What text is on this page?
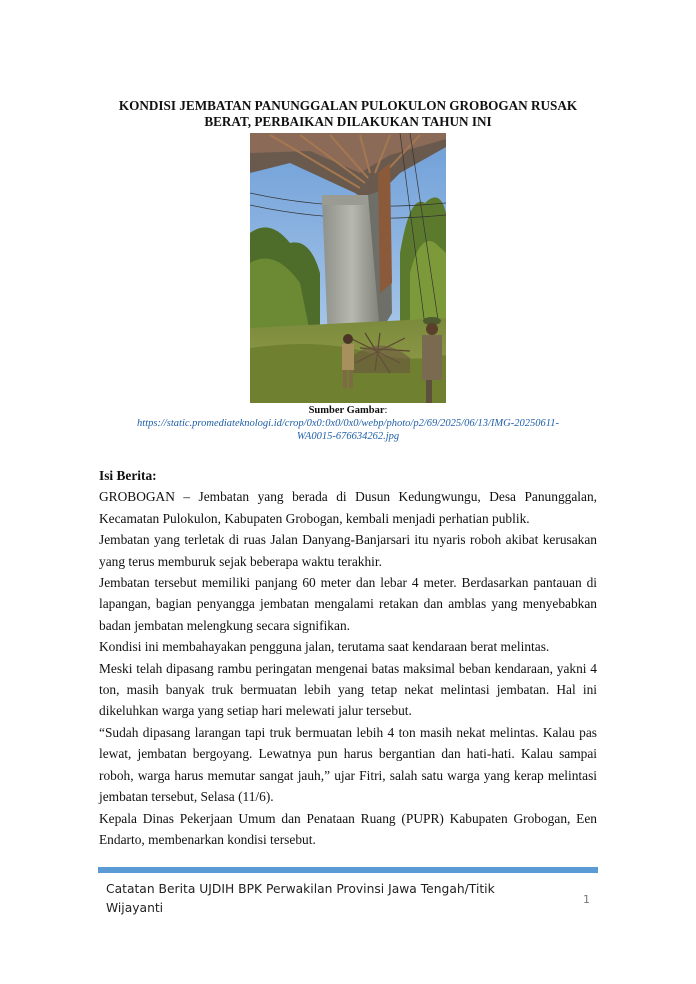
KONDISI JEMBATAN PANUNGGALAN PULOKULON GROBOGAN RUSAK
BERAT, PERBAIKAN DILAKUKAN TAHUN INI
Sumber Gambar:
https://static.promediateknologi.id/crop/0x0:0x0/0x0/webp/photo/p2/69/2025/06/13/IMG-20250611-
WA0015-676634262.jpg

Isi Berita:

GROBOGAN – Jembatan yang berada di Dusun Kedungwungu, Desa Panunggalan, Kecamatan Pulokulon, Kabupaten Grobogan, kembali menjadi perhatian publik.

Jembatan yang terletak di ruas Jalan Danyang-Banjarsari itu nyaris roboh akibat kerusakan yang terus memburuk sejak beberapa waktu terakhir.

Jembatan tersebut memiliki panjang 60 meter dan lebar 4 meter. Berdasarkan pantauan di lapangan, bagian penyangga jembatan mengalami retakan dan amblas yang menyebabkan badan jembatan melengkung secara signifikan.

Kondisi ini membahayakan pengguna jalan, terutama saat kendaraan berat melintas.

Meski telah dipasang rambu peringatan mengenai batas maksimal beban kendaraan, yakni 4 ton, masih banyak truk bermuatan lebih yang tetap nekat melintasi jembatan. Hal ini dikeluhkan warga yang setiap hari melewati jalur tersebut.

“Sudah dipasang larangan tapi truk bermuatan lebih 4 ton masih nekat melintas. Kalau pas lewat, jembatan bergoyang. Lewatnya pun harus bergantian dan hati-hati. Kalau sampai roboh, warga harus memutar sangat jauh,” ujar Fitri, salah satu warga yang kerap melintasi jembatan tersebut, Selasa (11/6).

Kepala Dinas Pekerjaan Umum dan Penataan Ruang (PUPR) Kabupaten Grobogan, Een Endarto, membenarkan kondisi tersebut.

Catatan Berita UJDIH BPK Perwakilan Provinsi Jawa Tengah/Titik
Wijayanti
1
